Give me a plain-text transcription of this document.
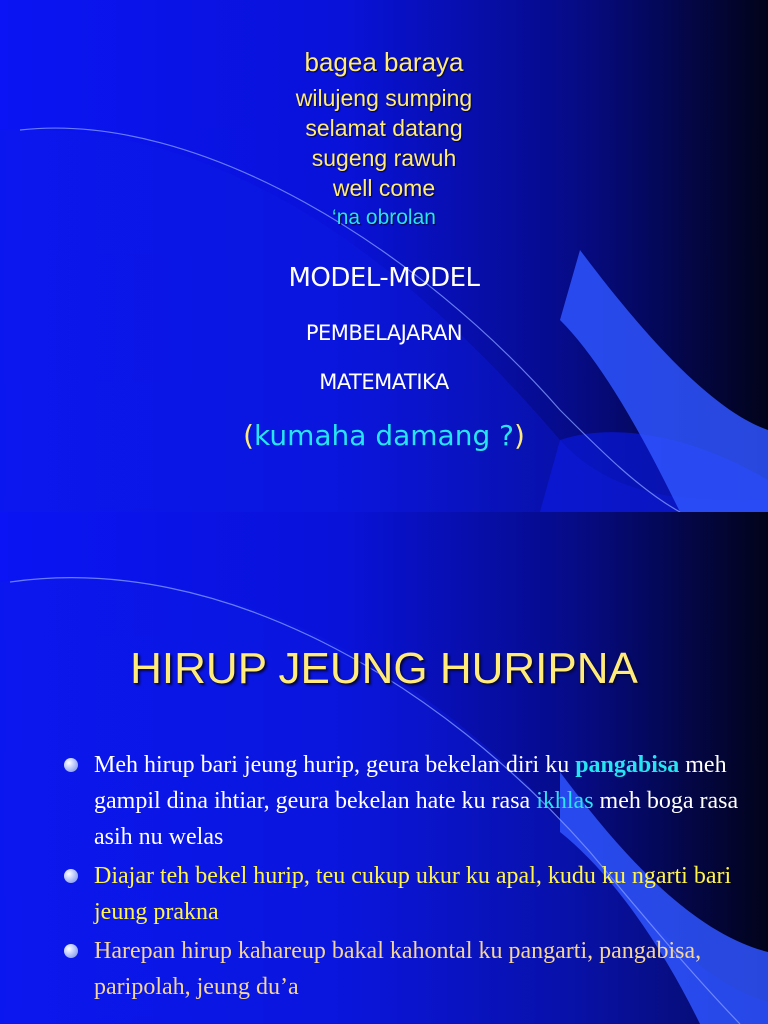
bagea baraya
wilujeng sumping
selamat datang
sugeng rawuh
well come
‘na obrolan
MODEL-MODEL
PEMBELAJARAN
MATEMATIKA
(kumaha damang ?)
HIRUP JEUNG HURIPNA
Meh hirup bari jeung hurip, geura bekelan diri ku pangabisa meh gampil dina ihtiar, geura bekelan hate ku rasa ikhlas meh boga rasa asih nu welas
Diajar teh bekel hurip, teu cukup ukur ku apal, kudu ku ngarti bari jeung prakna
Harepan hirup kahareup bakal kahontal ku pangarti, pangabisa, paripolah, jeung du’a
